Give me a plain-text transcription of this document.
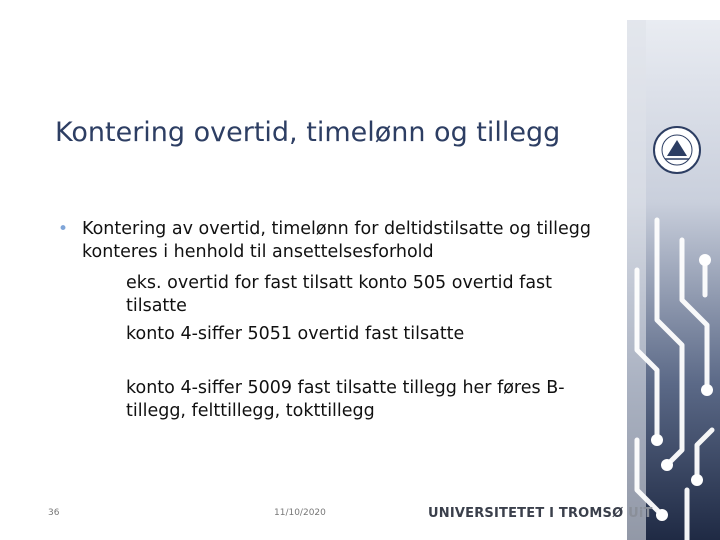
Kontering overtid, timelønn og tillegg
• Kontering av overtid, timelønn for deltidstilsatte og tillegg konteres i henhold til ansettelsesforhold
eks. overtid for fast tilsatt konto 505 overtid fast tilsatte
konto 4-siffer 5051 overtid fast tilsatte
konto 4-siffer 5009 fast tilsatte tillegg her føres B-tillegg, felttillegg, tokttillegg
36	11/10/2020	UNIVERSITETET I TROMSØ UiT
